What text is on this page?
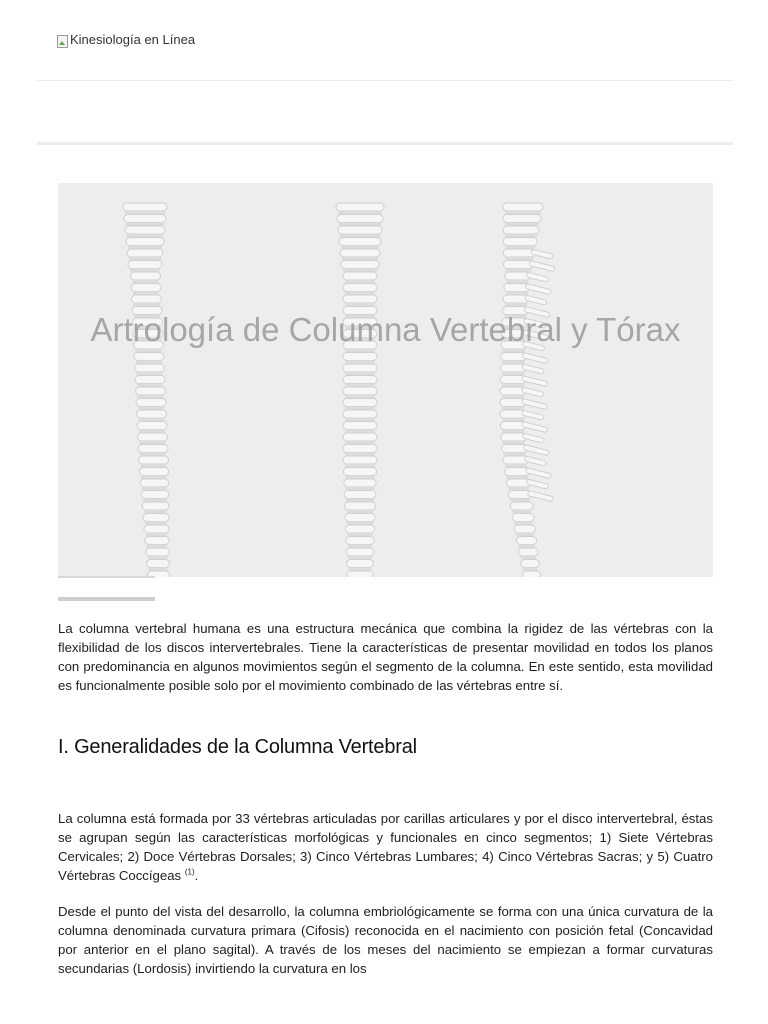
Kinesiología en Línea
Artrología de Columna Vertebral y Tórax

La columna vertebral humana es una estructura mecánica que combina la rigidez de las vértebras con la flexibilidad de los discos intervertebrales. Tiene la características de presentar movilidad en todos los planos con predominancia en algunos movimientos según el segmento de la columna. En este sentido, esta movilidad es funcionalmente posible solo por el movimiento combinado de las vértebras entre sí.

I. Generalidades de la Columna Vertebral

La columna está formada por 33 vértebras articuladas por carillas articulares y por el disco intervertebral, éstas se agrupan según las características morfológicas y funcionales en cinco segmentos; 1) Siete Vértebras Cervicales; 2) Doce Vértebras Dorsales; 3) Cinco Vértebras Lumbares; 4) Cinco Vértebras Sacras; y 5) Cuatro Vértebras Coccígeas $^{(1)}$.

Desde el punto del vista del desarrollo, la columna embriológicamente se forma con una única curvatura de la columna denominada curvatura primara (Cifosis) reconocida en el nacimiento con posición fetal (Concavidad por anterior en el plano sagital). A través de los meses del nacimiento se empiezan a formar curvaturas secundarias (Lordosis) invirtiendo la curvatura en los
